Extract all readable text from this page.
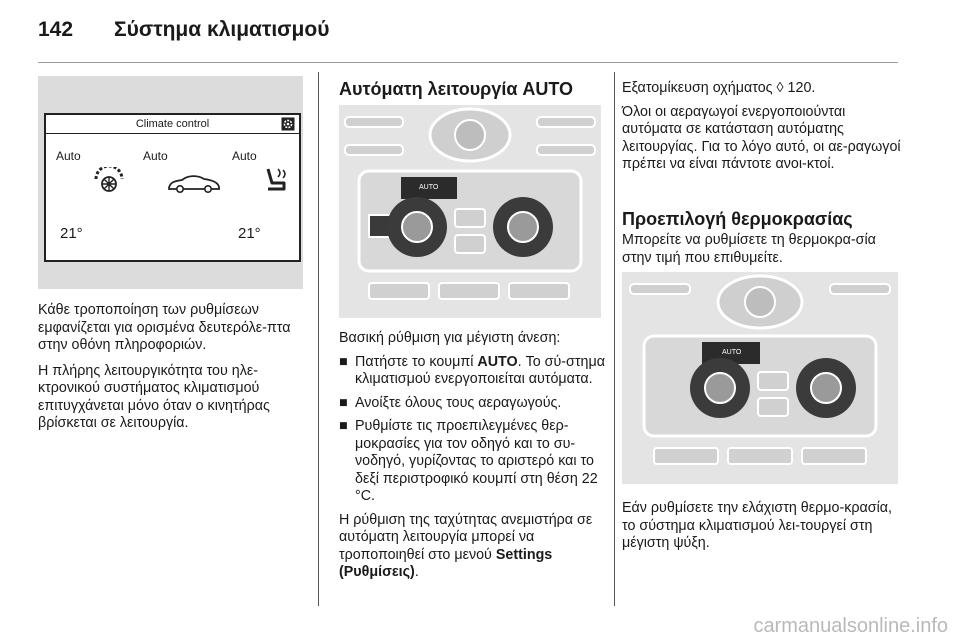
142 Σύστημα κλιματισμού
Climate control
Auto	Auto	Auto
21°	21°

Κάθε τροποποίηση των ρυθμίσεων εμφανίζεται για ορισμένα δευτερόλε-πτα στην οθόνη πληροφοριών.

Η πλήρης λειτουργικότητα του ηλε-κτρονικού συστήματος κλιματισμού επιτυγχάνεται μόνο όταν ο κινητήρας βρίσκεται σε λειτουργία.

Αυτόματη λειτουργία AUTO
AUTO

Βασική ρύθμιση για μέγιστη άνεση:

■ Πατήστε το κουμπί AUTO. Το σύ-στημα κλιματισμού ενεργοποιείται αυτόματα.
■ Ανοίξτε όλους τους αεραγωγούς.
■ Ρυθμίστε τις προεπιλεγμένες θερ-μοκρασίες για τον οδηγό και το συ-νοδηγό, γυρίζοντας το αριστερό και το δεξί περιστροφικό κουμπί στη θέση 22 °C.

Η ρύθμιση της ταχύτητας ανεμιστήρα σε αυτόματη λειτουργία μπορεί να τροποποιηθεί στο μενού Settings (Ρυθμίσεις).

Εξατομίκευση οχήματος ◊ 120.

Όλοι οι αεραγωγοί ενεργοποιούνται αυτόματα σε κατάσταση αυτόματης λειτουργίας. Για το λόγο αυτό, οι αε-ραγωγοί πρέπει να είναι πάντοτε ανοι-κτοί.

Προεπιλογή θερμοκρασίας
Μπορείτε να ρυθμίσετε τη θερμοκρα-σία στην τιμή που επιθυμείτε.
AUTO
Εάν ρυθμίσετε την ελάχιστη θερμο-κρασία, το σύστημα κλιματισμού λει-τουργεί στη μέγιστη ψύξη.
carmanualsonline.info
